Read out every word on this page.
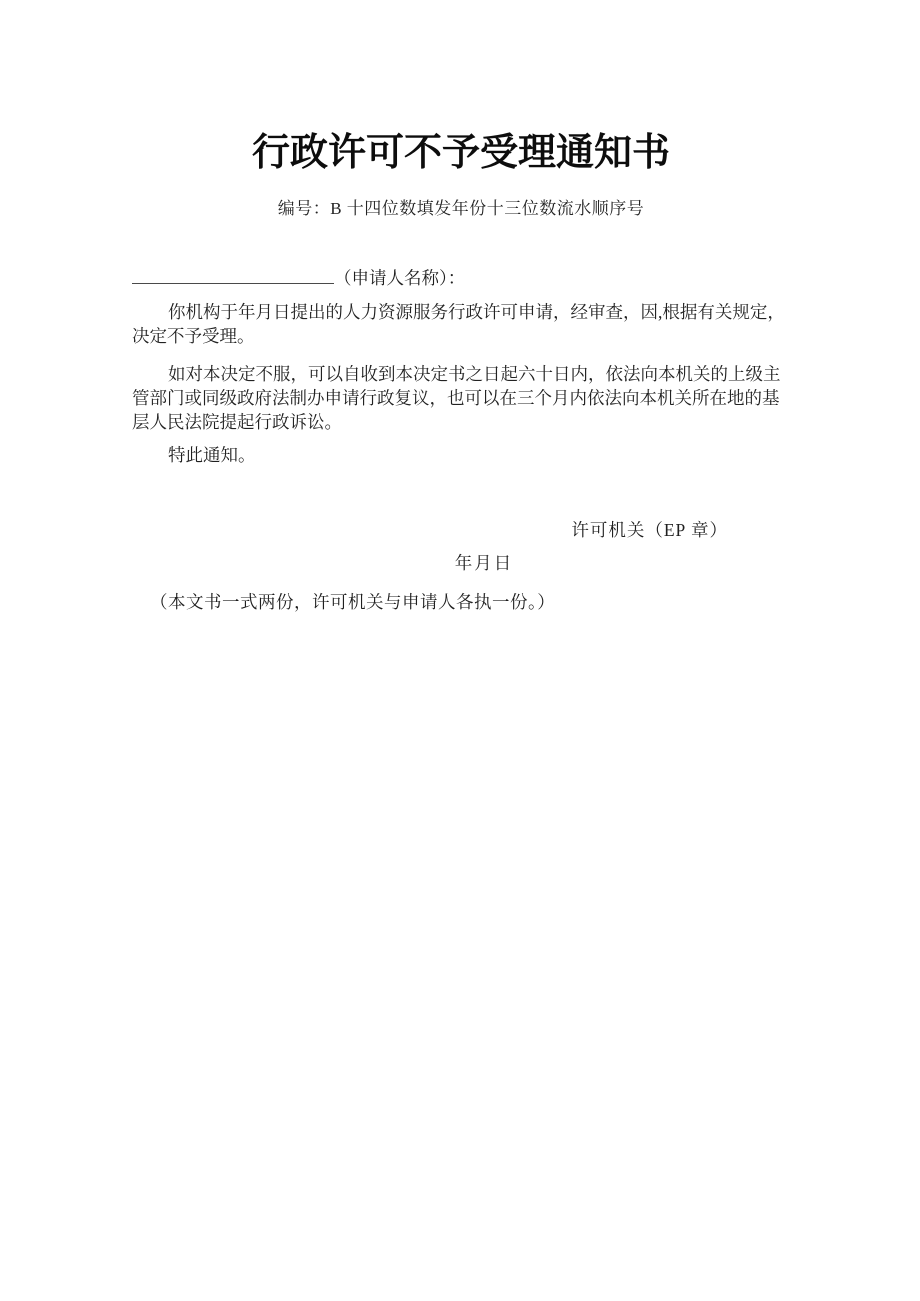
行政许可不予受理通知书
编号：B 十四位数填发年份十三位数流水顺序号
（申请人名称）：
你机构于年月日提出的人力资源服务行政许可申请，经审查，因,根据有关规定，
决定不予受理。
如对本决定不服，可以自收到本决定书之日起六十日内，依法向本机关的上级主
管部门或同级政府法制办申请行政复议，也可以在三个月内依法向本机关所在地的基
层人民法院提起行政诉讼。
特此通知。
许可机关（EP 章）
年月日
（本文书一式两份，许可机关与申请人各执一份。）
